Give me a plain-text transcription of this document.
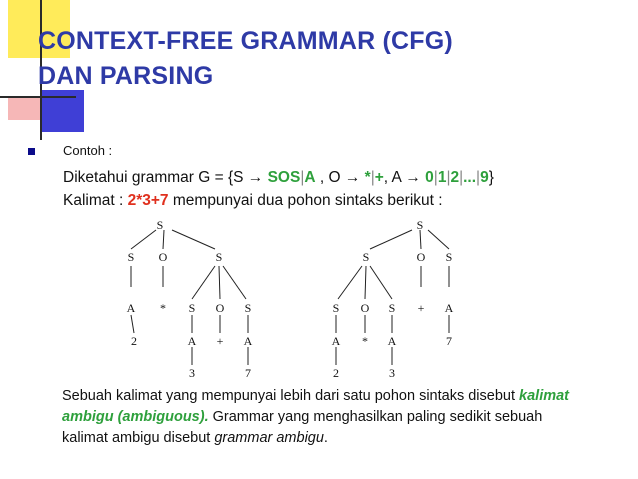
CONTEXT-FREE GRAMMAR (CFG)
DAN PARSING
Contoh :
Diketahui grammar G = {S → SOS|A , O → *|+, A → 0|1|2|...|9}
Kalimat : 2*3+7 mempunyai dua pohon sintaks berikut :
S
S O	S
A * S O S
2	A + A
3	7
S
S	O S
S O S + A
A * A	7
2	3
Sebuah kalimat yang mempunyai lebih dari satu pohon sintaks disebut kalimat ambigu (ambiguous). Grammar yang menghasilkan paling sedikit sebuah kalimat ambigu disebut grammar ambigu.
